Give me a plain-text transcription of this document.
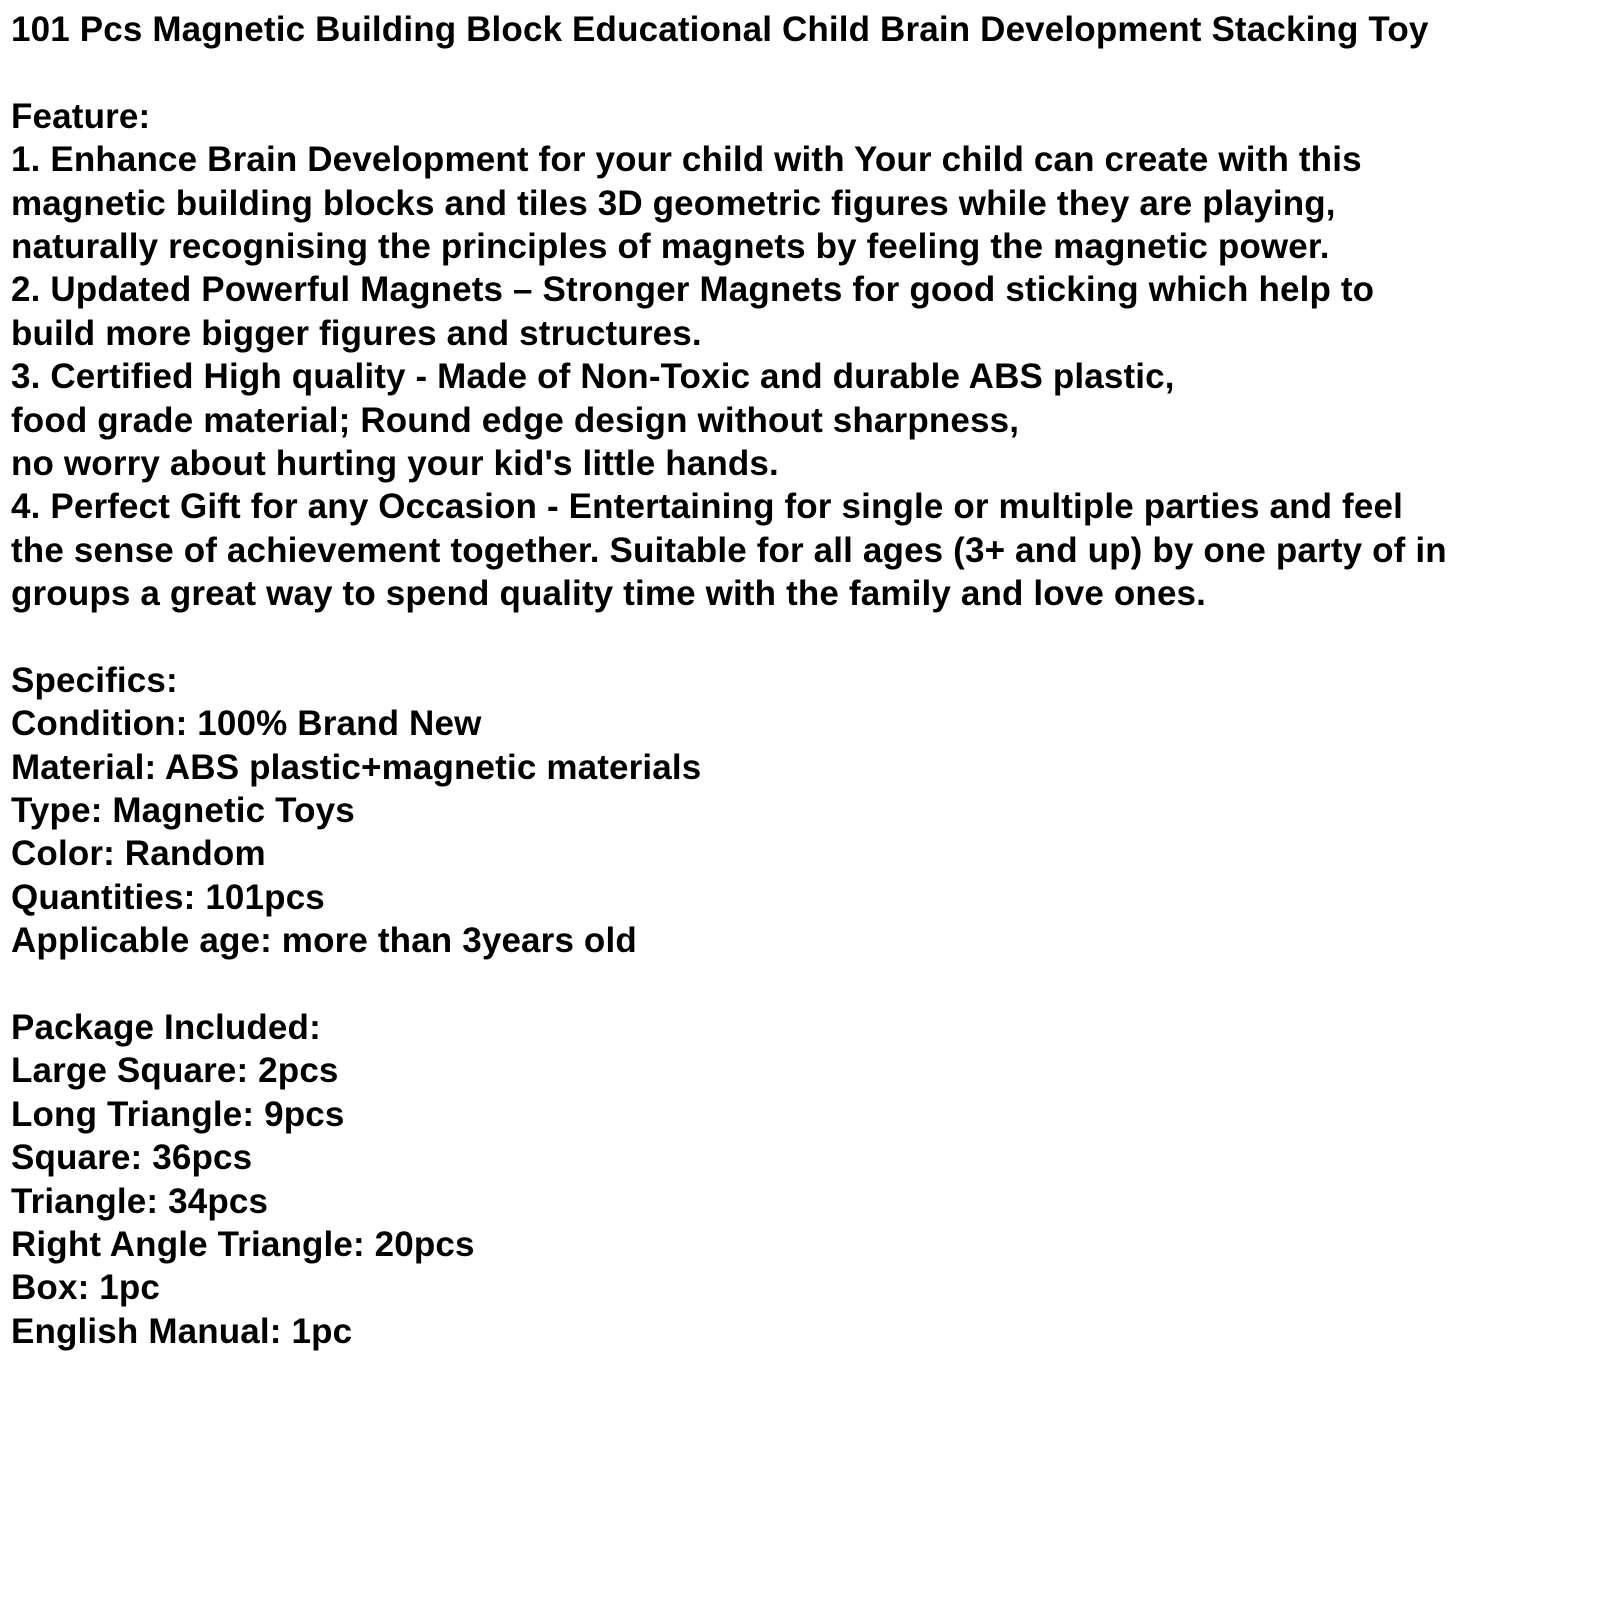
101 Pcs Magnetic Building Block Educational Child Brain Development Stacking Toy
Feature:
1. Enhance Brain Development for your child with Your child can create with this
magnetic building blocks and tiles 3D geometric figures while they are playing,
naturally recognising the principles of magnets by feeling the magnetic power.
2. Updated Powerful Magnets – Stronger Magnets for good sticking which help to
build more bigger figures and structures.
3. Certified High quality - Made of Non-Toxic and durable ABS plastic,
food grade material; Round edge design without sharpness,
no worry about hurting your kid's little hands.
4. Perfect Gift for any Occasion - Entertaining for single or multiple parties and feel
the sense of achievement together. Suitable for all ages (3+ and up) by one party of in
groups a great way to spend quality time with the family and love ones.
Specifics:
Condition: 100% Brand New
Material: ABS plastic+magnetic materials
Type: Magnetic Toys
Color: Random
Quantities: 101pcs
Applicable age: more than 3years old
Package Included:
Large Square: 2pcs
Long Triangle: 9pcs
Square: 36pcs
Triangle: 34pcs
Right Angle Triangle: 20pcs
Box: 1pc
English Manual: 1pc
